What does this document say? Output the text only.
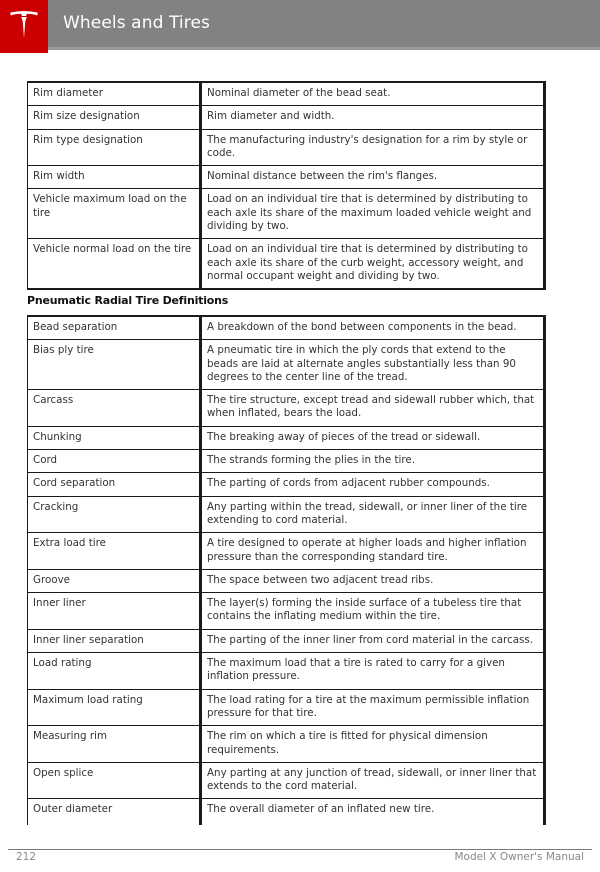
Wheels and Tires
Rim diameter	Nominal diameter of the bead seat.
Rim size designation	Rim diameter and width.
Rim type designation	The manufacturing industry's designation for a rim by style or code.
Rim width	Nominal distance between the rim's flanges.
Vehicle maximum load on the tire	Load on an individual tire that is determined by distributing to each axle its share of the maximum loaded vehicle weight and dividing by two.
Vehicle normal load on the tire	Load on an individual tire that is determined by distributing to each axle its share of the curb weight, accessory weight, and normal occupant weight and dividing by two.
Pneumatic Radial Tire Definitions
Bead separation	A breakdown of the bond between components in the bead.
Bias ply tire	A pneumatic tire in which the ply cords that extend to the beads are laid at alternate angles substantially less than 90 degrees to the center line of the tread.
Carcass	The tire structure, except tread and sidewall rubber which, that when inflated, bears the load.
Chunking	The breaking away of pieces of the tread or sidewall.
Cord	The strands forming the plies in the tire.
Cord separation	The parting of cords from adjacent rubber compounds.
Cracking	Any parting within the tread, sidewall, or inner liner of the tire extending to cord material.
Extra load tire	A tire designed to operate at higher loads and higher inflation pressure than the corresponding standard tire.
Groove	The space between two adjacent tread ribs.
Inner liner	The layer(s) forming the inside surface of a tubeless tire that contains the inflating medium within the tire.
Inner liner separation	The parting of the inner liner from cord material in the carcass.
Load rating	The maximum load that a tire is rated to carry for a given inflation pressure.
Maximum load rating	The load rating for a tire at the maximum permissible inflation pressure for that tire.
Measuring rim	The rim on which a tire is fitted for physical dimension requirements.
Open splice	Any parting at any junction of tread, sidewall, or inner liner that extends to the cord material.
Outer diameter	The overall diameter of an inflated new tire.
212	Model X Owner's Manual
